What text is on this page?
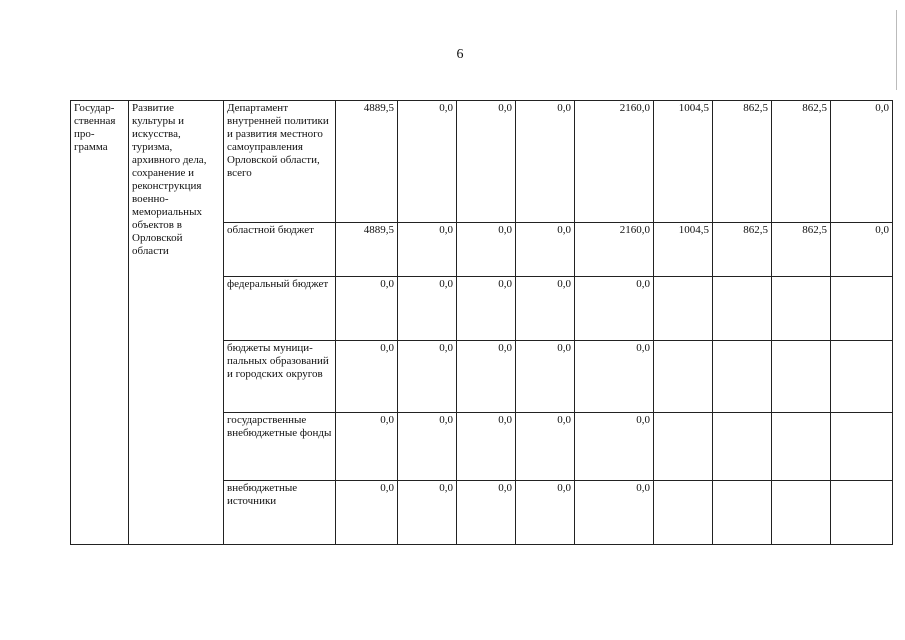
6
Государ-ственная про-грамма	Развитие культуры и искусства, туризма, архивного дела, сохранение и реконструкция военно-мемориальных объектов в Орловской области	Департамент внутренней политики и развития местного самоуправления Орловской области, всего	4889,5	0,0	0,0	0,0	2160,0	1004,5	862,5	862,5	0,0
		областной бюджет	4889,5	0,0	0,0	0,0	2160,0	1004,5	862,5	862,5	0,0
		федеральный бюджет	0,0	0,0	0,0	0,0	0,0				
		бюджеты муници-пальных образований и городских округов	0,0	0,0	0,0	0,0	0,0				
		государственные внебюджетные фонды	0,0	0,0	0,0	0,0	0,0				
		внебюджетные источники	0,0	0,0	0,0	0,0	0,0				
